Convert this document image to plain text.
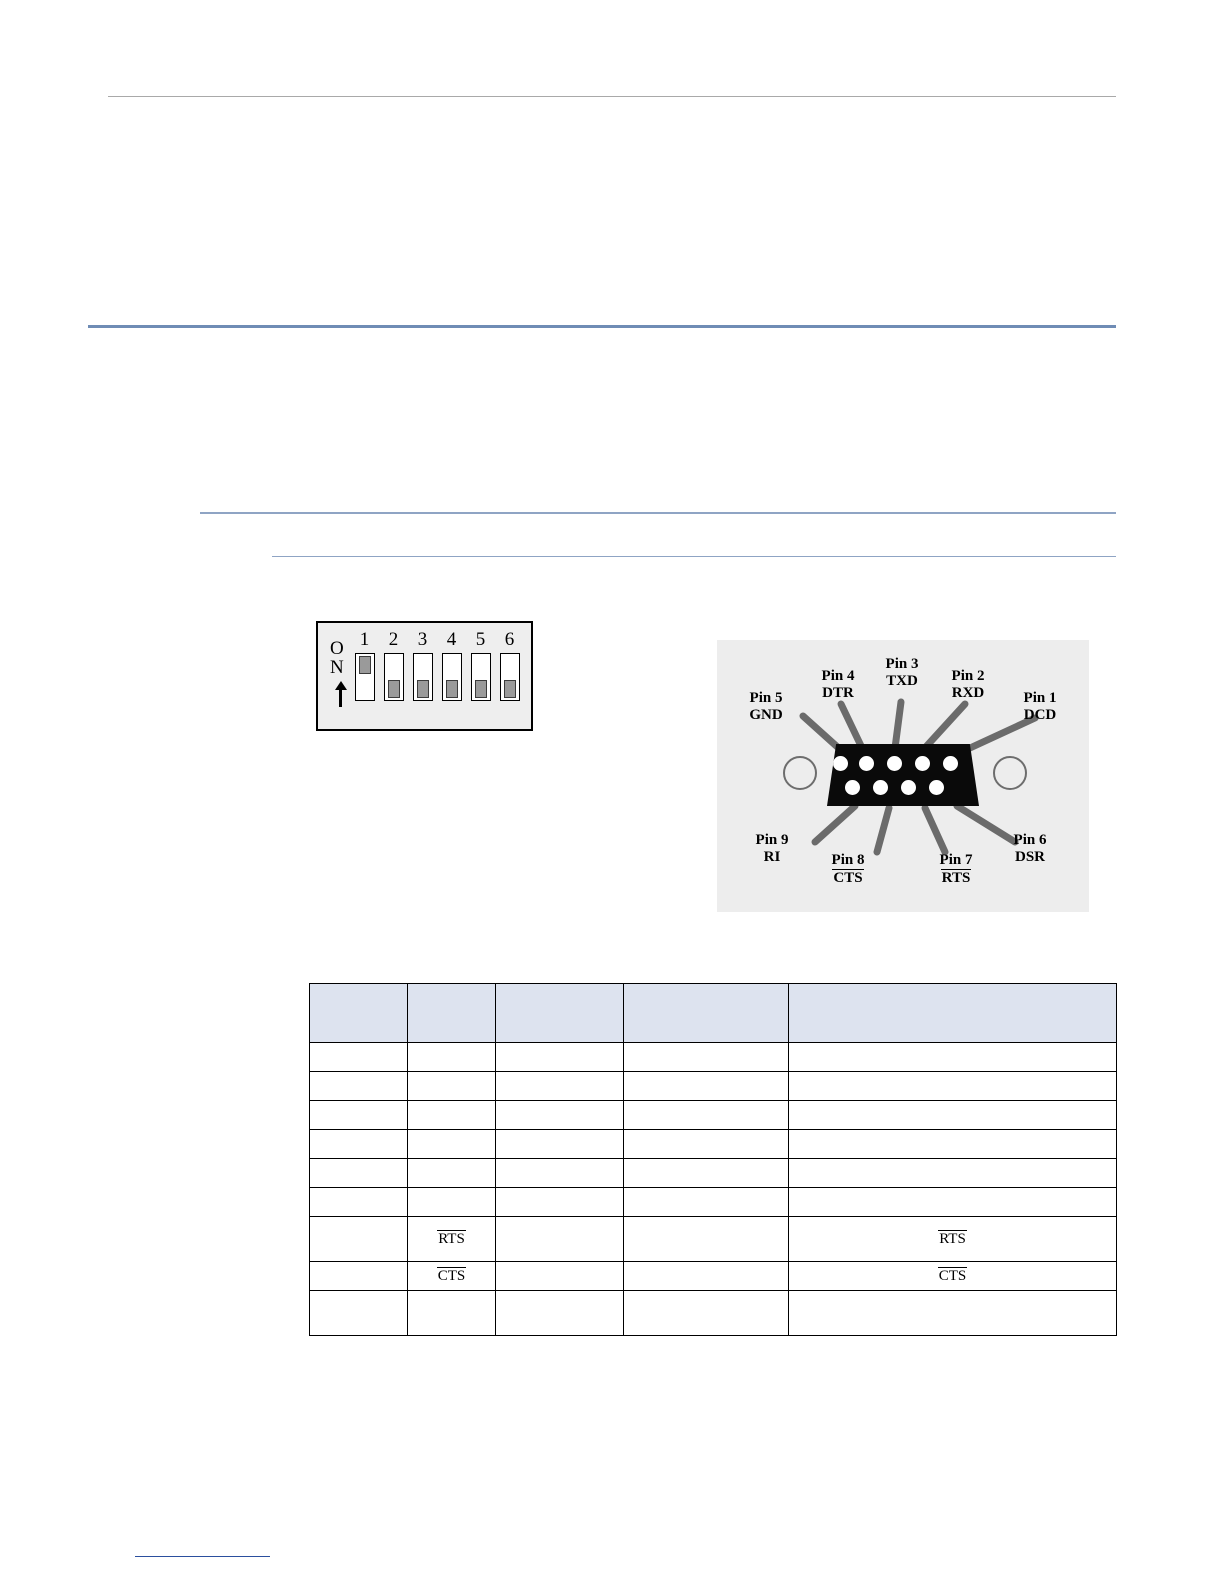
O
N
1	2	3	4	5	6
Pin 5
GND
Pin 4
DTR
Pin 3
TXD	Pin 2
RXD	Pin 1
DCD
Pin 9
RI	Pin 8
CTS
Pin 7
RTS
Pin 6
DSR

	RTS			RTS
	CTS			CTS
